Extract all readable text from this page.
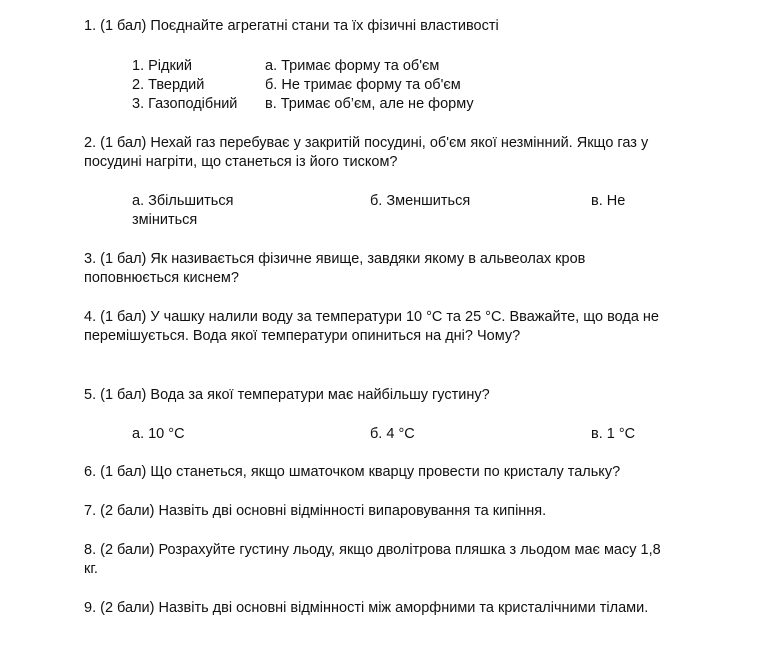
1. (1 бал) Поєднайте агрегатні стани та їх фізичні властивості
1. Рідкий	а. Тримає форму та об'єм
2. Твердий	б. Не тримає форму та об'єм
3. Газоподібний в. Тримає об’єм, але не форму
2. (1 бал) Нехай газ перебуває у закритій посудині, об'єм якої незмінний. Якщо газ у
посудині нагріти, що станеться із його тиском?
а. Збільшиться	б. Зменшиться	в. Не
зміниться
3. (1 бал) Як називається фізичне явище, завдяки якому в альвеолах кров
поповнюється киснем?
4. (1 бал) У чашку налили воду за температури 10 °C та 25 °C. Вважайте, що вода не
перемішується. Вода якої температури опиниться на дні? Чому?
5. (1 бал) Вода за якої температури має найбільшу густину?
а. 10 °C	б. 4 °C	в. 1 °C
6. (1 бал) Що станеться, якщо шматочком кварцу провести по кристалу тальку?
7. (2 бали) Назвіть дві основні відмінності випаровування та кипіння.
8. (2 бали) Розрахуйте густину льоду, якщо дволітрова пляшка з льодом має масу 1,8
кг.
9. (2 бали) Назвіть дві основні відмінності між аморфними та кристалічними тілами.
